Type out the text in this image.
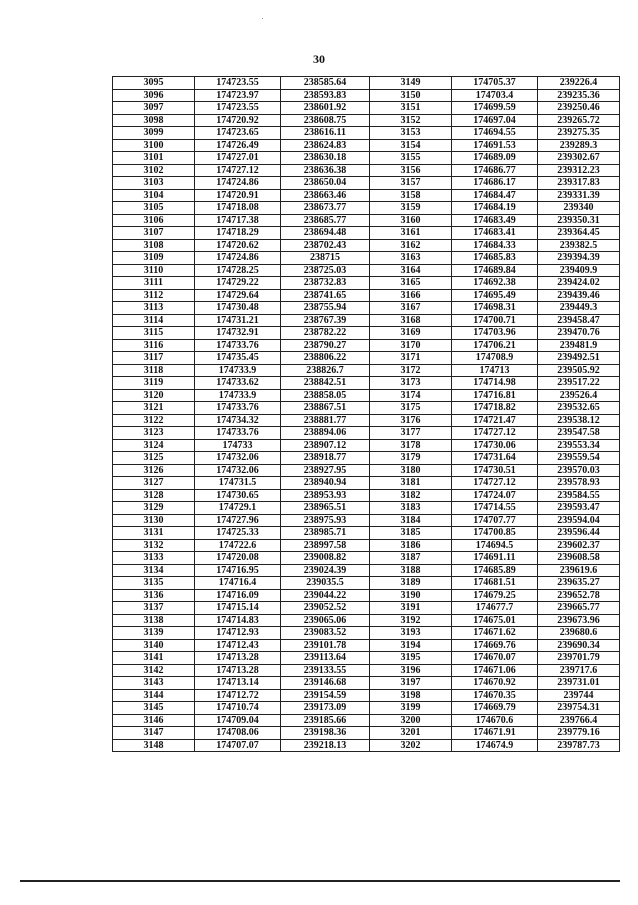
30
3095	174723.55	238585.64	3149	174705.37	239226.4
3096	174723.97	238593.83	3150	174703.4	239235.36
3097	174723.55	238601.92	3151	174699.59	239250.46
3098	174720.92	238608.75	3152	174697.04	239265.72
3099	174723.65	238616.11	3153	174694.55	239275.35
3100	174726.49	238624.83	3154	174691.53	239289.3
3101	174727.01	238630.18	3155	174689.09	239302.67
3102	174727.12	238636.38	3156	174686.77	239312.23
3103	174724.86	238650.04	3157	174686.17	239317.83
3104	174720.91	238663.46	3158	174684.47	239331.39
3105	174718.08	238673.77	3159	174684.19	239340
3106	174717.38	238685.77	3160	174683.49	239350.31
3107	174718.29	238694.48	3161	174683.41	239364.45
3108	174720.62	238702.43	3162	174684.33	239382.5
3109	174724.86	238715	3163	174685.83	239394.39
3110	174728.25	238725.03	3164	174689.84	239409.9
3111	174729.22	238732.83	3165	174692.38	239424.02
3112	174729.64	238741.65	3166	174695.49	239439.46
3113	174730.48	238755.94	3167	174698.31	239449.3
3114	174731.21	238767.39	3168	174700.71	239458.47
3115	174732.91	238782.22	3169	174703.96	239470.76
3116	174733.76	238790.27	3170	174706.21	239481.9
3117	174735.45	238806.22	3171	174708.9	239492.51
3118	174733.9	238826.7	3172	174713	239505.92
3119	174733.62	238842.51	3173	174714.98	239517.22
3120	174733.9	238858.05	3174	174716.81	239526.4
3121	174733.76	238867.51	3175	174718.82	239532.65
3122	174734.32	238881.77	3176	174721.47	239538.12
3123	174733.76	238894.06	3177	174727.12	239547.58
3124	174733	238907.12	3178	174730.06	239553.34
3125	174732.06	238918.77	3179	174731.64	239559.54
3126	174732.06	238927.95	3180	174730.51	239570.03
3127	174731.5	238940.94	3181	174727.12	239578.93
3128	174730.65	238953.93	3182	174724.07	239584.55
3129	174729.1	238965.51	3183	174714.55	239593.47
3130	174727.96	238975.93	3184	174707.77	239594.04
3131	174725.33	238985.71	3185	174700.85	239596.44
3132	174722.6	238997.58	3186	174694.5	239602.37
3133	174720.08	239008.82	3187	174691.11	239608.58
3134	174716.95	239024.39	3188	174685.89	239619.6
3135	174716.4	239035.5	3189	174681.51	239635.27
3136	174716.09	239044.22	3190	174679.25	239652.78
3137	174715.14	239052.52	3191	174677.7	239665.77
3138	174714.83	239065.06	3192	174675.01	239673.96
3139	174712.93	239083.52	3193	174671.62	239680.6
3140	174712.43	239101.78	3194	174669.76	239690.34
3141	174713.28	239113.64	3195	174670.07	239701.79
3142	174713.28	239133.55	3196	174671.06	239717.6
3143	174713.14	239146.68	3197	174670.92	239731.01
3144	174712.72	239154.59	3198	174670.35	239744
3145	174710.74	239173.09	3199	174669.79	239754.31
3146	174709.04	239185.66	3200	174670.6	239766.4
3147	174708.06	239198.36	3201	174671.91	239779.16
3148	174707.07	239218.13	3202	174674.9	239787.73
